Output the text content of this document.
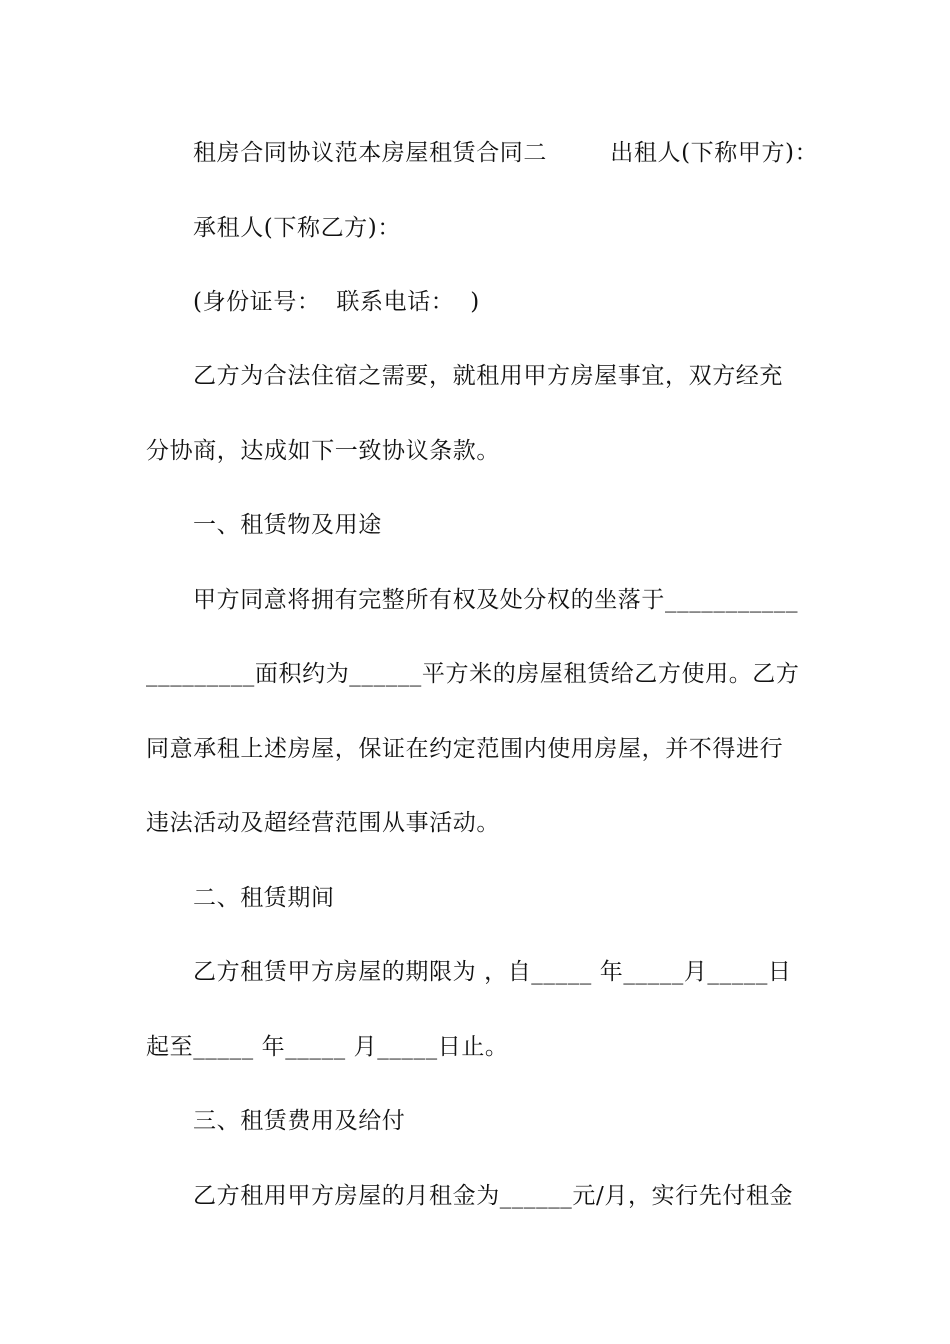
租房合同协议范本房屋租赁合同二        出租人(下称甲方)：
承租人(下称乙方)：
(身份证号：  联系电话：  )
乙方为合法住宿之需要，就租用甲方房屋事宜，双方经充
分协商，达成如下一致协议条款。
一、租赁物及用途
甲方同意将拥有完整所有权及处分权的坐落于___________
_________面积约为______平方米的房屋租赁给乙方使用。乙方
同意承租上述房屋，保证在约定范围内使用房屋，并不得进行
违法活动及超经营范围从事活动。
二、租赁期间
乙方租赁甲方房屋的期限为 ，自_____ 年_____月_____日
起至_____ 年_____ 月_____日止。
三、租赁费用及给付
乙方租用甲方房屋的月租金为______元/月，实行先付租金
